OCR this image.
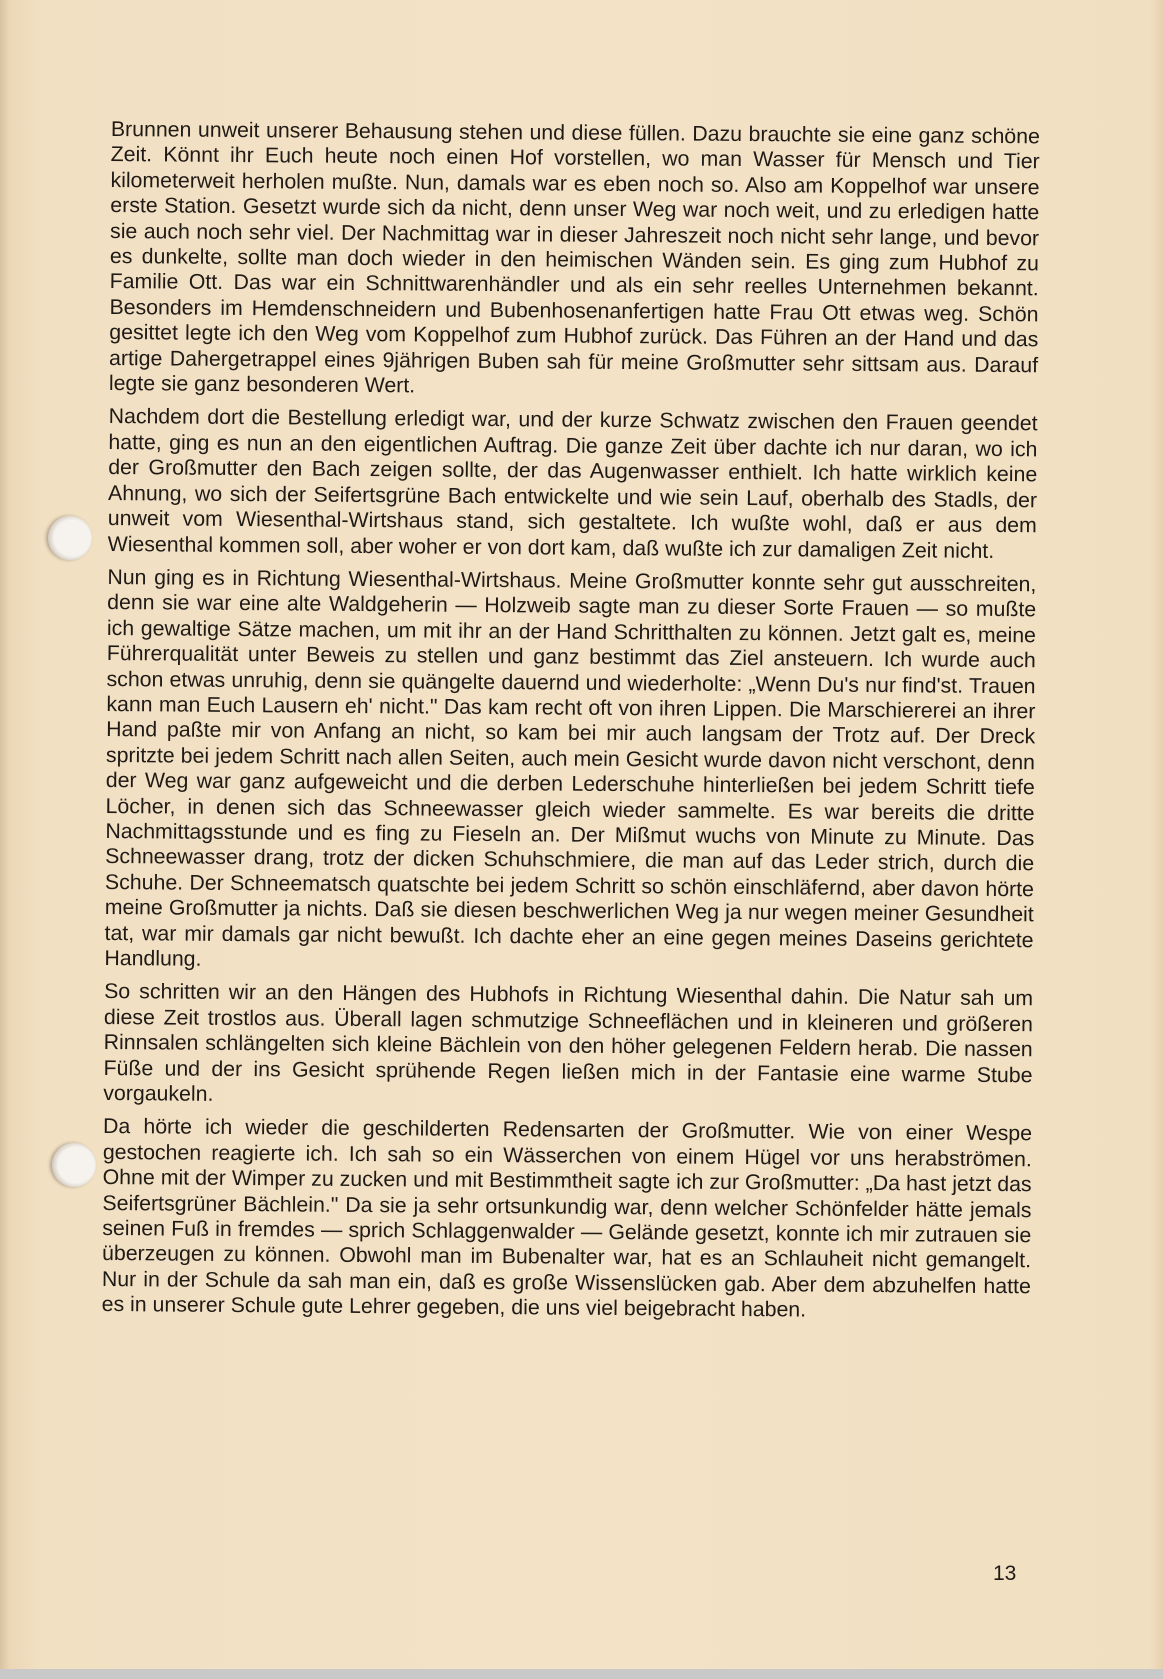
Brunnen unweit unserer Behausung stehen und diese füllen. Dazu brauchte sie eine ganz schöne Zeit. Könnt ihr Euch heute noch einen Hof vorstellen, wo man Wasser für Mensch und Tier kilometerweit herholen mußte. Nun, damals war es eben noch so. Also am Koppelhof war unsere erste Station. Gesetzt wurde sich da nicht, denn unser Weg war noch weit, und zu erledigen hatte sie auch noch sehr viel. Der Nachmittag war in dieser Jahreszeit noch nicht sehr lange, und bevor es dunkelte, sollte man doch wieder in den heimischen Wänden sein. Es ging zum Hubhof zu Familie Ott. Das war ein Schnittwarenhändler und als ein sehr reelles Unternehmen bekannt. Besonders im Hemdenschneidern und Bubenhosenanfertigen hatte Frau Ott etwas weg. Schön gesittet legte ich den Weg vom Koppelhof zum Hubhof zurück. Das Führen an der Hand und das artige Dahergetrappel eines 9jährigen Buben sah für meine Großmutter sehr sittsam aus. Darauf legte sie ganz besonderen Wert.

Nachdem dort die Bestellung erledigt war, und der kurze Schwatz zwischen den Frauen geendet hatte, ging es nun an den eigentlichen Auftrag. Die ganze Zeit über dachte ich nur daran, wo ich der Großmutter den Bach zeigen sollte, der das Augenwasser enthielt. Ich hatte wirklich keine Ahnung, wo sich der Seifertsgrüne Bach entwickelte und wie sein Lauf, oberhalb des Stadls, der unweit vom Wiesenthal-Wirtshaus stand, sich gestaltete. Ich wußte wohl, daß er aus dem Wiesenthal kommen soll, aber woher er von dort kam, daß wußte ich zur damaligen Zeit nicht.

Nun ging es in Richtung Wiesenthal-Wirtshaus. Meine Großmutter konnte sehr gut ausschreiten, denn sie war eine alte Waldgeherin — Holzweib sagte man zu dieser Sorte Frauen — so mußte ich gewaltige Sätze machen, um mit ihr an der Hand Schritthalten zu können. Jetzt galt es, meine Führerqualität unter Beweis zu stellen und ganz bestimmt das Ziel ansteuern. Ich wurde auch schon etwas unruhig, denn sie quängelte dauernd und wiederholte: „Wenn Du's nur find'st. Trauen kann man Euch Lausern eh' nicht." Das kam recht oft von ihren Lippen. Die Marschiererei an ihrer Hand paßte mir von Anfang an nicht, so kam bei mir auch langsam der Trotz auf. Der Dreck spritzte bei jedem Schritt nach allen Seiten, auch mein Gesicht wurde davon nicht verschont, denn der Weg war ganz aufgeweicht und die derben Lederschuhe hinterließen bei jedem Schritt tiefe Löcher, in denen sich das Schneewasser gleich wieder sammelte. Es war bereits die dritte Nachmittagsstunde und es fing zu Fieseln an. Der Mißmut wuchs von Minute zu Minute. Das Schneewasser drang, trotz der dicken Schuhschmiere, die man auf das Leder strich, durch die Schuhe. Der Schneematsch quatschte bei jedem Schritt so schön einschläfernd, aber davon hörte meine Großmutter ja nichts. Daß sie diesen beschwerlichen Weg ja nur wegen meiner Gesundheit tat, war mir damals gar nicht bewußt. Ich dachte eher an eine gegen meines Daseins gerichtete Handlung.

So schritten wir an den Hängen des Hubhofs in Richtung Wiesenthal dahin. Die Natur sah um diese Zeit trostlos aus. Überall lagen schmutzige Schneeflächen und in kleineren und größeren Rinnsalen schlängelten sich kleine Bächlein von den höher gelegenen Feldern herab. Die nassen Füße und der ins Gesicht sprühende Regen ließen mich in der Fantasie eine warme Stube vorgaukeln.

Da hörte ich wieder die geschilderten Redensarten der Großmutter. Wie von einer Wespe gestochen reagierte ich. Ich sah so ein Wässerchen von einem Hügel vor uns herabströmen. Ohne mit der Wimper zu zucken und mit Bestimmtheit sagte ich zur Großmutter: „Da hast jetzt das Seifertsgrüner Bächlein." Da sie ja sehr ortsunkundig war, denn welcher Schönfelder hätte jemals seinen Fuß in fremdes — sprich Schlaggenwalder — Gelände gesetzt, konnte ich mir zutrauen sie überzeugen zu können. Obwohl man im Bubenalter war, hat es an Schlauheit nicht gemangelt. Nur in der Schule da sah man ein, daß es große Wissenslücken gab. Aber dem abzuhelfen hatte es in unserer Schule gute Lehrer gegeben, die uns viel beigebracht haben.

13
